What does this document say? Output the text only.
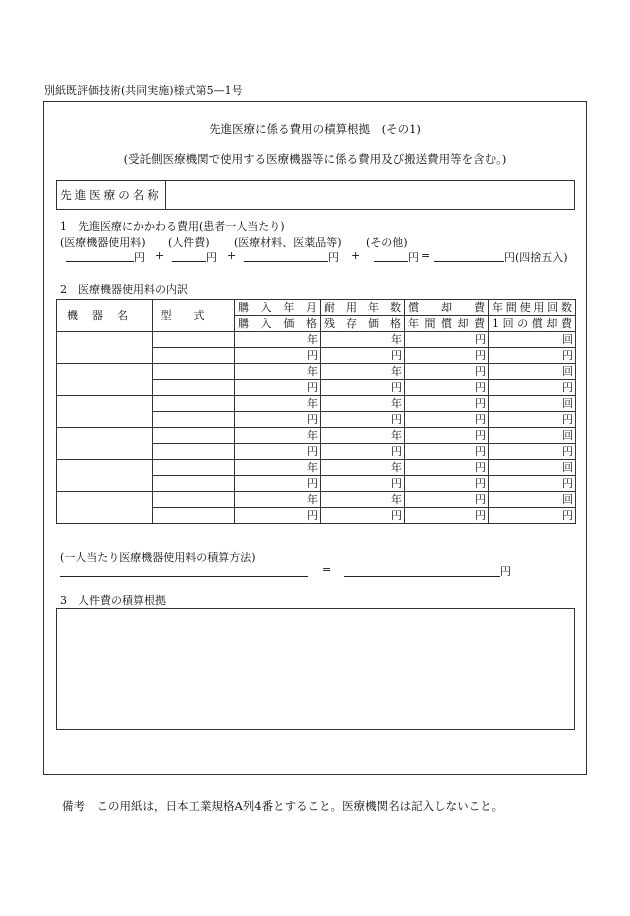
別紙既評価技術(共同実施)様式第5—1号
先進医療に係る費用の積算根拠　(その1)
(受託側医療機関で使用する医療機器等に係る費用及び搬送費用等を含む。)
先進医療の名称
1　先進医療にかかわる費用(患者一人当たり)
(医療機器使用料) (人件費) (医療材料、医薬品等) (その他)
円 +	円 +	円 +	円 =	円(四捨五入)
2　医療機器使用料の内訳
機器名	型式	購入年月	耐用年数	償却費	年間使用回数
		購入価格	残存価格	年間償却費	1回の償却費
		年	年	円	回
		円	円	円	円
		年	年	円	回
		円	円	円	円
		年	年	円	回
		円	円	円	円
		年	年	円	回
		円	円	円	円
		年	年	円	回
		円	円	円	円
		年	年	円	回
		円	円	円	円
(一人当たり医療機器使用料の積算方法)
=	円
3　人件費の積算根拠
備考　この用紙は，日本工業規格A列4番とすること。医療機関名は記入しないこと。
